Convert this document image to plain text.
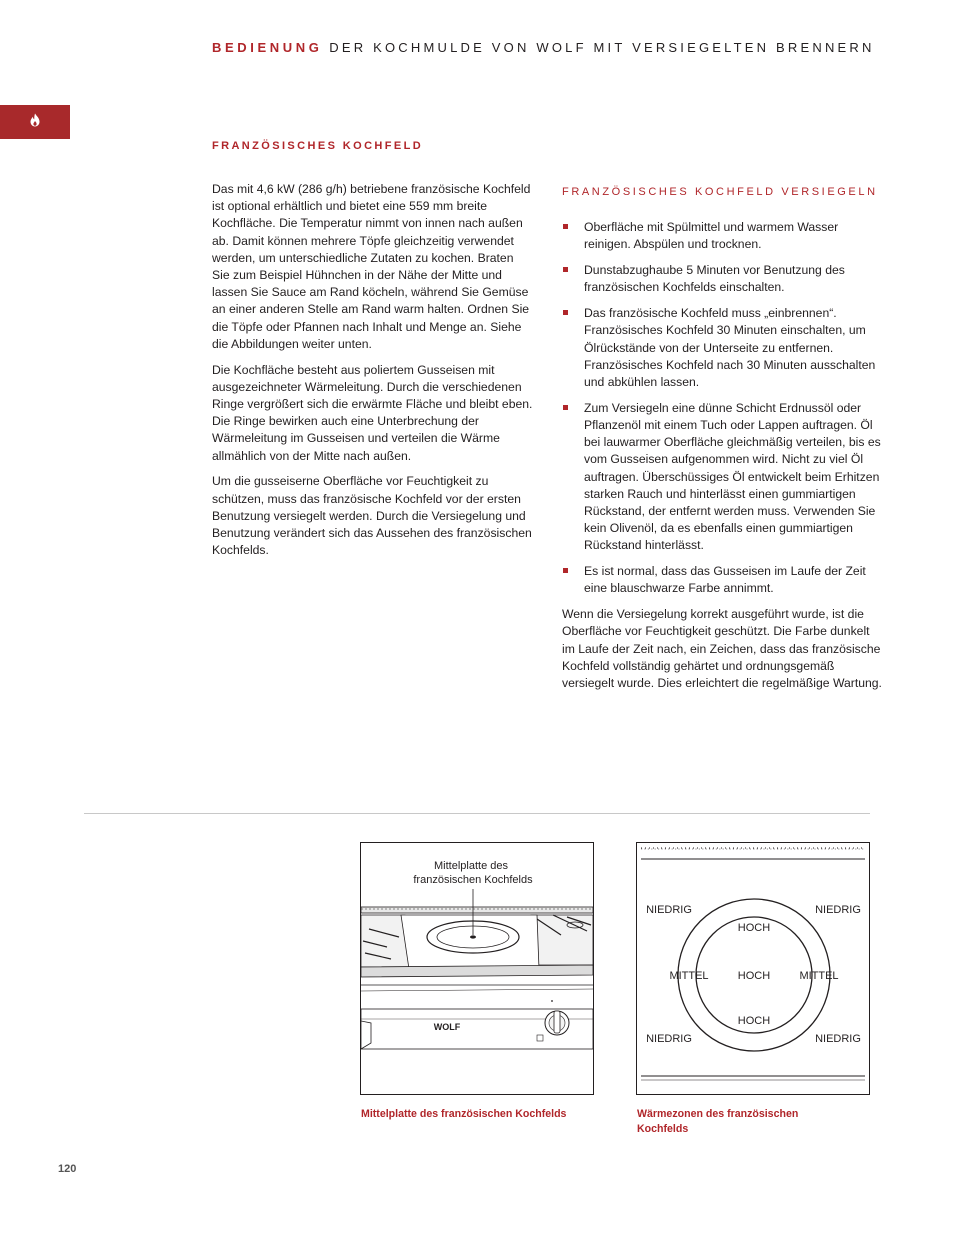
BEDIENUNG DER KOCHMULDE VON WOLF MIT VERSIEGELTEN BRENNERN
FRANZÖSISCHES KOCHFELD

Das mit 4,6 kW (286 g/h) betriebene französische Kochfeld ist optional erhältlich und bietet eine 559 mm breite Kochfläche. Die Temperatur nimmt von innen nach außen ab. Damit können mehrere Töpfe gleichzeitig verwendet werden, um unterschiedliche Zutaten zu kochen. Braten Sie zum Beispiel Hühnchen in der Nähe der Mitte und lassen Sie Sauce am Rand köcheln, während Sie Gemüse an einer anderen Stelle am Rand warm halten. Ordnen Sie die Töpfe oder Pfannen nach Inhalt und Menge an. Siehe die Abbildungen weiter unten.

Die Kochfläche besteht aus poliertem Gusseisen mit ausgezeichneter Wärmeleitung. Durch die verschiedenen Ringe vergrößert sich die erwärmte Fläche und bleibt eben. Die Ringe bewirken auch eine Unterbrechung der Wärmeleitung im Gusseisen und verteilen die Wärme allmählich von der Mitte nach außen.

Um die gusseiserne Oberfläche vor Feuchtigkeit zu schützen, muss das französische Kochfeld vor der ersten Benutzung versiegelt werden. Durch die Versiegelung und Benutzung verändert sich das Aussehen des französischen Kochfelds.

FRANZÖSISCHES KOCHFELD VERSIEGELN
Oberfläche mit Spülmittel und warmem Wasser reinigen. Abspülen und trocknen.
Dunstabzughaube 5 Minuten vor Benutzung des französischen Kochfelds einschalten.
Das französische Kochfeld muss „einbrennen“. Französisches Kochfeld 30 Minuten einschalten, um Ölrückstände von der Unterseite zu entfernen. Französisches Kochfeld nach 30 Minuten ausschalten und abkühlen lassen.
Zum Versiegeln eine dünne Schicht Erdnussöl oder Pflanzenöl mit einem Tuch oder Lappen auftragen. Öl bei lauwarmer Oberfläche gleichmäßig verteilen, bis es vom Gusseisen aufgenommen wird. Nicht zu viel Öl auftragen. Überschüssiges Öl entwickelt beim Erhitzen starken Rauch und hinterlässt einen gummiartigen Rückstand, der entfernt werden muss. Verwenden Sie kein Olivenöl, da es ebenfalls einen gummiartigen Rückstand hinterlässt.
Es ist normal, dass das Gusseisen im Laufe der Zeit eine blauschwarze Farbe annimmt.

Wenn die Versiegelung korrekt ausgeführt wurde, ist die Oberfläche vor Feuchtigkeit geschützt. Die Farbe dunkelt im Laufe der Zeit nach, ein Zeichen, dass das französische Kochfeld vollständig gehärtet und ordnungsgemäß versiegelt wurde. Dies erleichtert die regelmäßige Wartung.

Mittelplatte des
französischen Kochfelds
WOLF
NIEDRIG	NIEDRIG
NIEDRIG	NIEDRIG
MITTEL	MITTEL
HOCH
HOCH
HOCH
Mittelplatte des französischen Kochfelds	Wärmezonen des französischen Kochfelds
120
